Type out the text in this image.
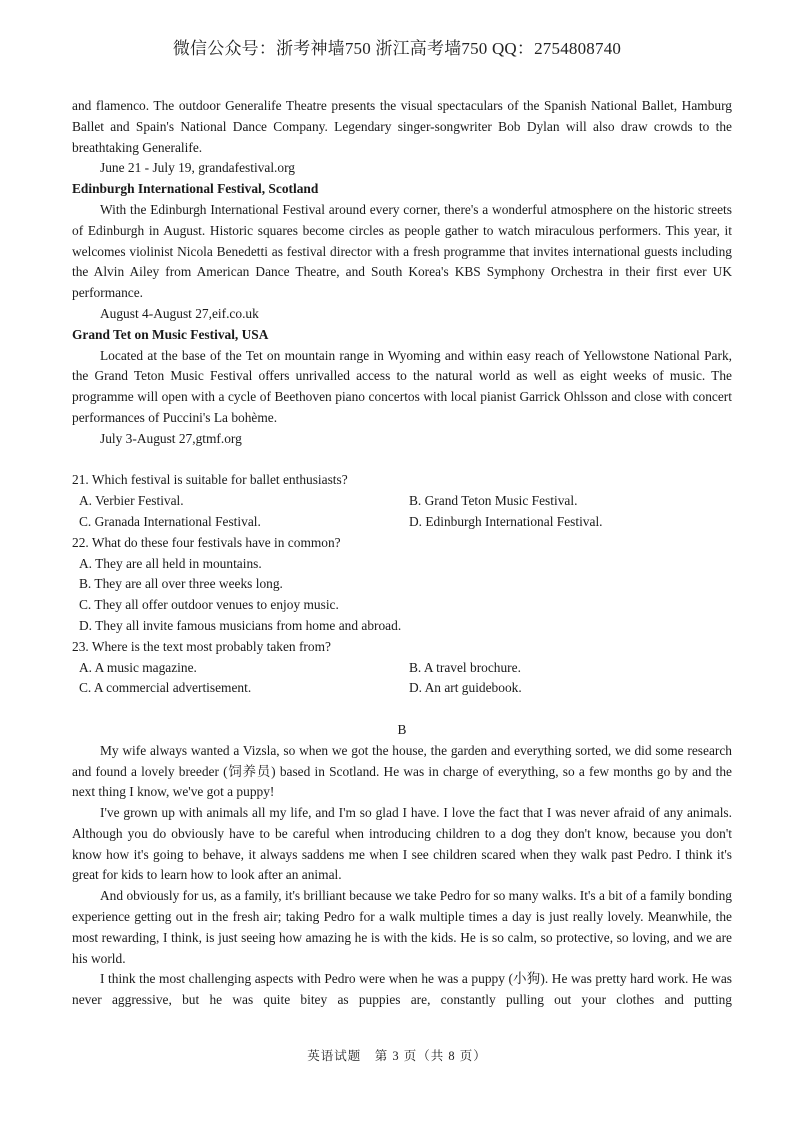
微信公众号：浙考神墙750 浙江高考墙750 QQ：2754808740

and flamenco. The outdoor Generalife Theatre presents the visual spectaculars of the Spanish National Ballet, Hamburg Ballet and Spain's National Dance Company. Legendary singer-songwriter Bob Dylan will also draw crowds to the breathtaking Generalife.

June 21 - July 19, grandafestival.org

Edinburgh International Festival, Scotland

With the Edinburgh International Festival around every corner, there's a wonderful atmosphere on the historic streets of Edinburgh in August. Historic squares become circles as people gather to watch miraculous performers. This year, it welcomes violinist Nicola Benedetti as festival director with a fresh programme that invites international guests including the Alvin Ailey from American Dance Theatre, and South Korea's KBS Symphony Orchestra in their first ever UK performance.

August 4-August 27,eif.co.uk

Grand Tet on Music Festival, USA

Located at the base of the Tet on mountain range in Wyoming and within easy reach of Yellowstone National Park, the Grand Teton Music Festival offers unrivalled access to the natural world as well as eight weeks of music. The programme will open with a cycle of Beethoven piano concertos with local pianist Garrick Ohlsson and close with concert performances of Puccini's La bohème.

July 3-August 27,gtmf.org

21. Which festival is suitable for ballet enthusiasts?

A. Verbier Festival.	B. Grand Teton Music Festival.
C. Granada International Festival.	D. Edinburgh International Festival.

22. What do these four festivals have in common?

A. They are all held in mountains.

B. They are all over three weeks long.

C. They all offer outdoor venues to enjoy music.

D. They all invite famous musicians from home and abroad.

23. Where is the text most probably taken from?

A. A music magazine.	B. A travel brochure.
C. A commercial advertisement.	D. An art guidebook.

B

My wife always wanted a Vizsla, so when we got the house, the garden and everything sorted, we did some research and found a lovely breeder (饲养员) based in Scotland. He was in charge of everything, so a few months go by and the next thing I know, we've got a puppy!

I've grown up with animals all my life, and I'm so glad I have. I love the fact that I was never afraid of any animals. Although you do obviously have to be careful when introducing children to a dog they don't know, because you don't know how it's going to behave, it always saddens me when I see children scared when they walk past Pedro. I think it's great for kids to learn how to look after an animal.

And obviously for us, as a family, it's brilliant because we take Pedro for so many walks. It's a bit of a family bonding experience getting out in the fresh air; taking Pedro for a walk multiple times a day is just really lovely. Meanwhile, the most rewarding, I think, is just seeing how amazing he is with the kids. He is so calm, so protective, so loving, and we are his world.

I think the most challenging aspects with Pedro were when he was a puppy (小狗). He was pretty hard work. He was never aggressive, but he was quite bitey as puppies are, constantly pulling out your clothes and putting

英语试题　第 3 页（共 8 页）
